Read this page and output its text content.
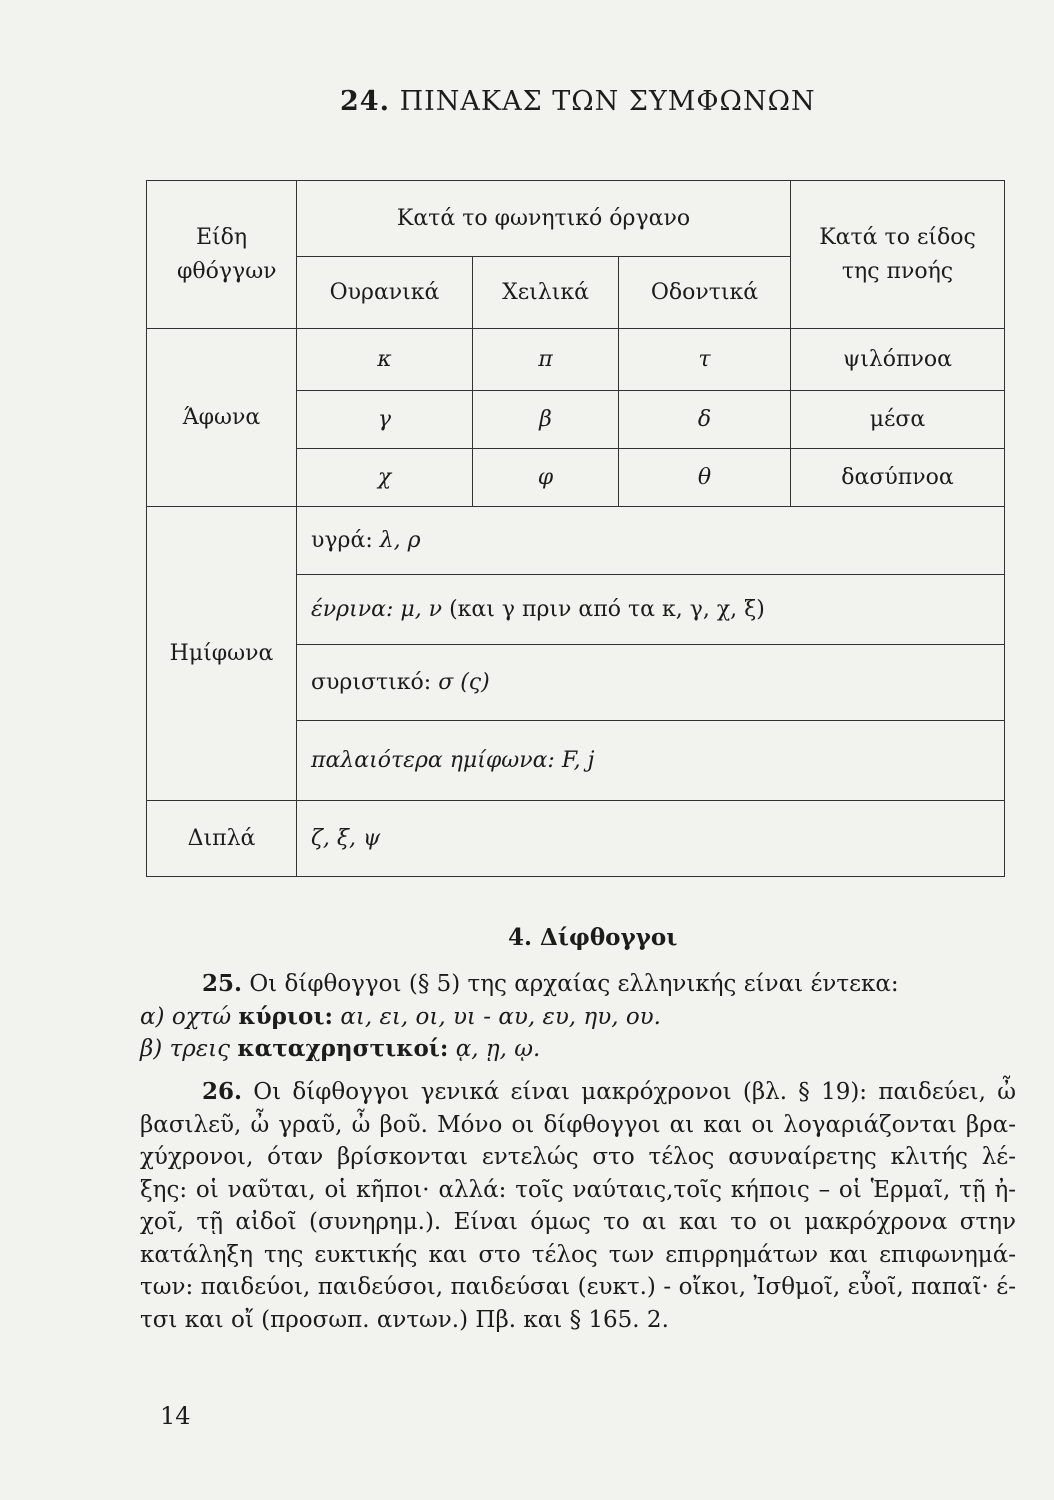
24. ΠΙΝΑΚΑΣ ΤΩΝ ΣΥΜΦΩΝΩΝ
Είδη φθόγγων	Κατά το φωνητικό όργανο			Κατά το είδος της πνοής
	Ουρανικά	Χειλικά	Οδοντικά	
Άφωνα	κ	π	τ	ψιλόπνοα
	γ	β	δ	μέσα
	χ	φ	θ	δασύπνοα
Ημίφωνα	υγρά: λ, ρ			
	ένρινα: μ, ν (και γ πριν από τα κ, γ, χ, ξ)			
	συριστικό: σ (ς)			
	παλαιότερα ημίφωνα: F, j			
Διπλά	ζ, ξ, ψ			
4. Δίφθογγοι
25. Οι δίφθογγοι (§ 5) της αρχαίας ελληνικής είναι έντεκα:
α) οχτώ κύριοι: αι, ει, οι, υι - αυ, ευ, ηυ, ου.
β) τρεις καταχρηστικοί: ᾳ, ῃ, ῳ.
26. Οι δίφθογγοι γενικά είναι μακρόχρονοι (βλ. § 19): παιδεύει, ὦ
βασιλεῦ, ὦ γραῦ, ὦ βοῦ. Μόνο οι δίφθογγοι αι και οι λογαριάζονται βρα-
χύχρονοι, όταν βρίσκονται εντελώς στο τέλος ασυναίρετης κλιτής λέ-
ξης: οἱ ναῦται, οἱ κῆποι· αλλά: τοῖς ναύταις,τοῖς κήποις – οἱ Ἑρμαῖ, τῇ ἠ-
χοῖ, τῇ αἰδοῖ (συνηρημ.). Είναι όμως το αι και το οι μακρόχρονα στην
κατάληξη της ευκτικής και στο τέλος των επιρρημάτων και επιφωνημά-
των: παιδεύοι, παιδεύσοι, παιδεύσαι (ευκτ.) - οἴκοι, Ἰσθμοῖ, εὖοῖ, παπαῖ· έ-
τσι και οἴ (προσωπ. αντων.) Πβ. και § 165. 2.
14
